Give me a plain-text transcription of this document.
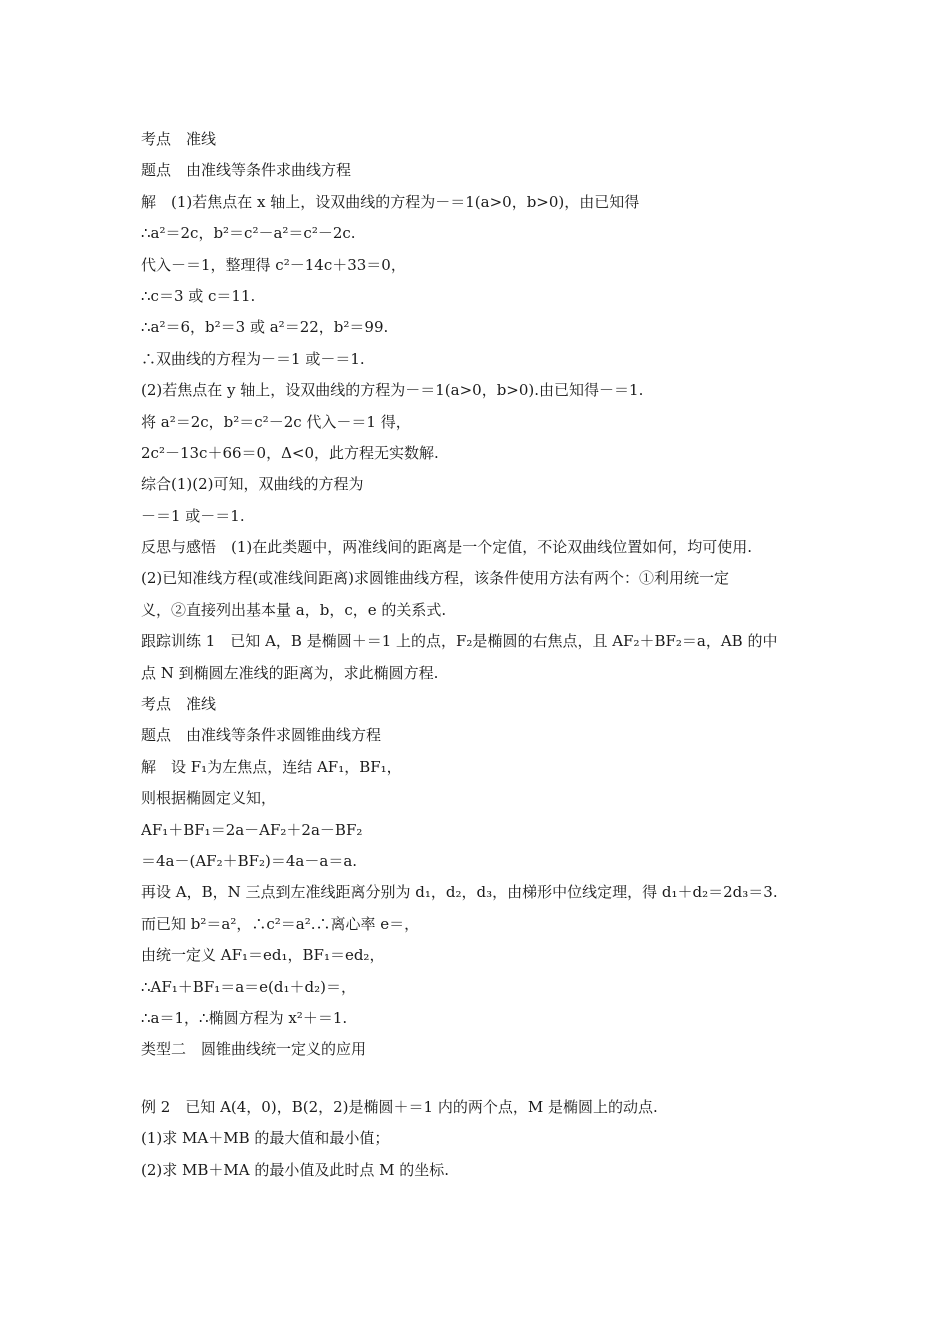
考点　准线
题点　由准线等条件求曲线方程
解　(1)若焦点在 x 轴上，设双曲线的方程为－＝1(a>0，b>0)，由已知得
∴a²＝2c，b²＝c²－a²＝c²－2c.
代入－＝1，整理得 c²－14c＋33＝0，
∴c＝3 或 c＝11.
∴a²＝6，b²＝3 或 a²＝22，b²＝99.
∴双曲线的方程为－＝1 或－＝1.
(2)若焦点在 y 轴上，设双曲线的方程为－＝1(a>0，b>0).由已知得－＝1.
将 a²＝2c，b²＝c²－2c 代入－＝1 得，
2c²－13c＋66＝0，Δ<0，此方程无实数解.
综合(1)(2)可知，双曲线的方程为
－＝1 或－＝1.
反思与感悟　(1)在此类题中，两准线间的距离是一个定值，不论双曲线位置如何，均可使用.
(2)已知准线方程(或准线间距离)求圆锥曲线方程，该条件使用方法有两个：①利用统一定
义，②直接列出基本量 a，b，c，e 的关系式.
跟踪训练 1　已知 A，B 是椭圆＋＝1 上的点，F₂是椭圆的右焦点，且 AF₂＋BF₂＝a，AB 的中
点 N 到椭圆左准线的距离为，求此椭圆方程.
考点　准线
题点　由准线等条件求圆锥曲线方程
解　设 F₁为左焦点，连结 AF₁，BF₁，
则根据椭圆定义知，
AF₁＋BF₁＝2a－AF₂＋2a－BF₂
＝4a－(AF₂＋BF₂)＝4a－a＝a.
再设 A，B，N 三点到左准线距离分别为 d₁，d₂，d₃，由梯形中位线定理，得 d₁＋d₂＝2d₃＝3.
而已知 b²＝a²，∴c²＝a².∴离心率 e＝，
由统一定义 AF₁＝ed₁，BF₁＝ed₂，
∴AF₁＋BF₁＝a＝e(d₁＋d₂)＝，
∴a＝1，∴椭圆方程为 x²＋＝1.
类型二　圆锥曲线统一定义的应用
例 2　已知 A(4，0)，B(2，2)是椭圆＋＝1 内的两个点，M 是椭圆上的动点.
(1)求 MA＋MB 的最大值和最小值；
(2)求 MB＋MA 的最小值及此时点 M 的坐标.
